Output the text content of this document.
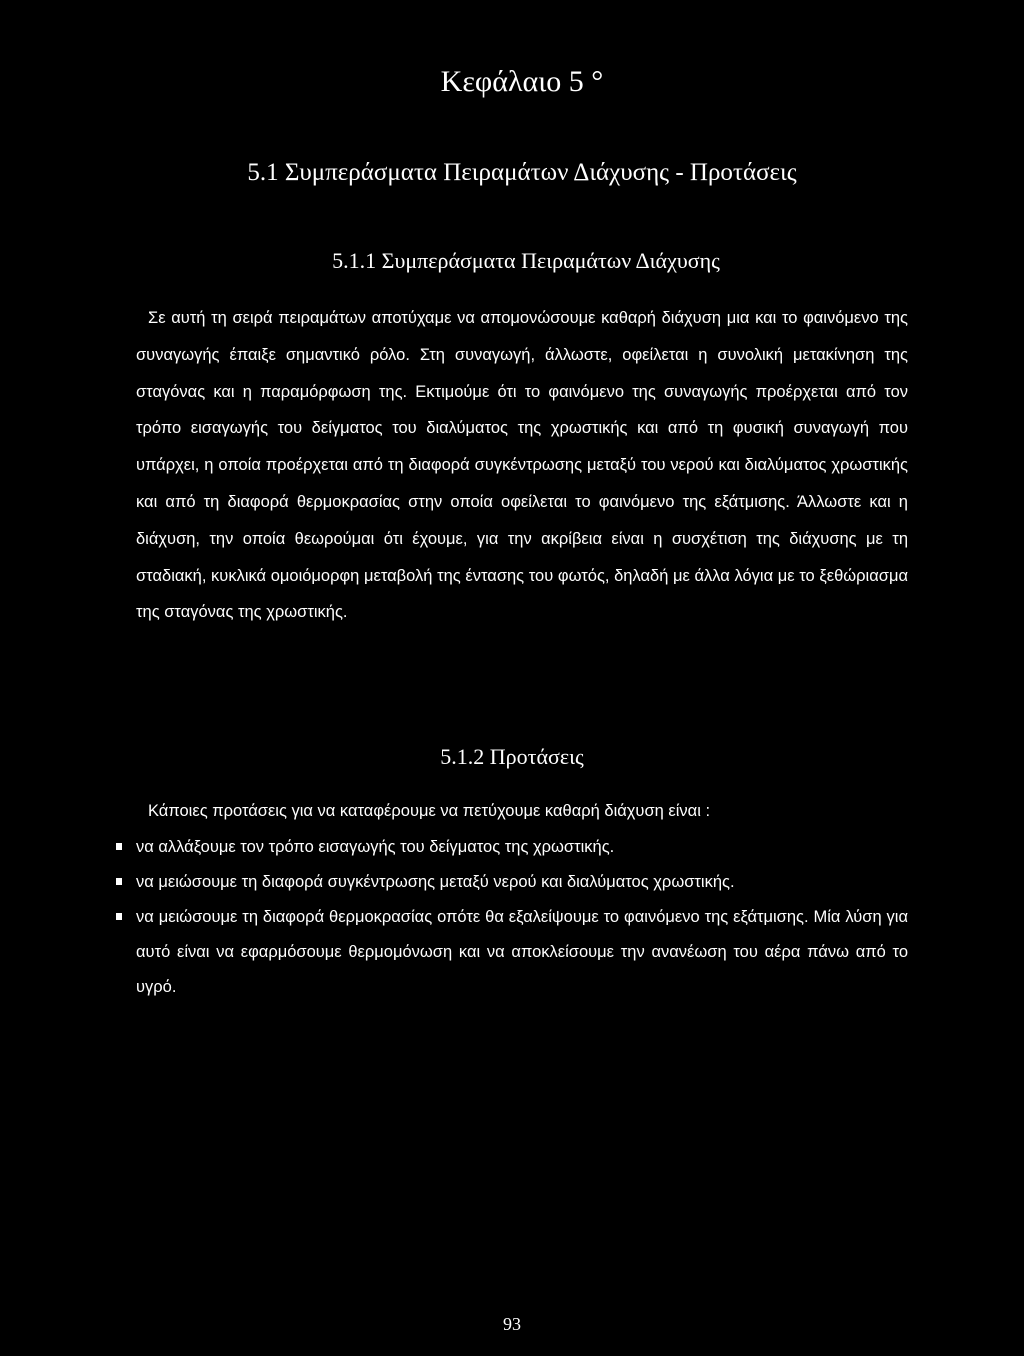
Κεφάλαιο 5 °
5.1 Συμπεράσματα Πειραμάτων Διάχυσης - Προτάσεις
5.1.1 Συμπεράσματα Πειραμάτων Διάχυσης

Σε αυτή τη σειρά πειραμάτων αποτύχαμε να απομονώσουμε καθαρή διάχυση μια και το φαινόμενο της συναγωγής έπαιξε σημαντικό ρόλο. Στη συναγωγή, άλλωστε, οφείλεται η συνολική μετακίνηση της σταγόνας και η παραμόρφωση της. Εκτιμούμε ότι το φαινόμενο της συναγωγής προέρχεται από τον τρόπο εισαγωγής του δείγματος του διαλύματος της χρωστικής και από τη φυσική συναγωγή που υπάρχει, η οποία προέρχεται από τη διαφορά συγκέντρωσης μεταξύ του νερού και διαλύματος χρωστικής και από τη διαφορά θερμοκρασίας στην οποία οφείλεται το φαινόμενο της εξάτμισης. Άλλωστε και η διάχυση, την οποία θεωρούμαι ότι έχουμε, για την ακρίβεια είναι η συσχέτιση της διάχυσης με τη σταδιακή, κυκλικά ομοιόμορφη μεταβολή της έντασης του φωτός, δηλαδή με άλλα λόγια με το ξεθώριασμα της σταγόνας της χρωστικής.

5.1.2 Προτάσεις

Κάποιες προτάσεις για να καταφέρουμε να πετύχουμε καθαρή διάχυση είναι :

να αλλάξουμε τον τρόπο εισαγωγής του δείγματος της χρωστικής.
να μειώσουμε τη διαφορά συγκέντρωσης μεταξύ νερού και διαλύματος χρωστικής.
να μειώσουμε τη διαφορά θερμοκρασίας οπότε θα εξαλείψουμε το φαινόμενο της εξάτμισης. Μία λύση για αυτό είναι να εφαρμόσουμε θερμομόνωση και να αποκλείσουμε την ανανέωση του αέρα πάνω από το υγρό.
93
